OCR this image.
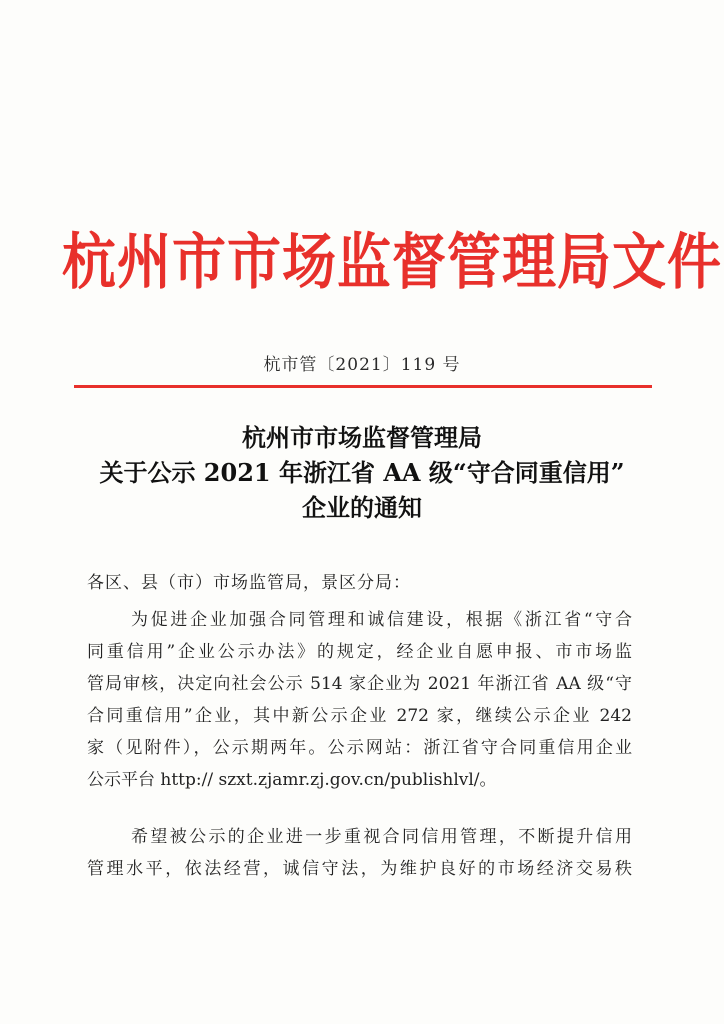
杭州市市场监督管理局文件
杭市管〔2021〕119 号
杭州市市场监督管理局
关于公示 2021 年浙江省 AA 级“守合同重信用”
企业的通知
各区、县（市）市场监管局，景区分局：
为促进企业加强合同管理和诚信建设，根据《浙江省“守合
同重信用”企业公示办法》的规定，经企业自愿申报、市市场监
管局审核，决定向社会公示 514 家企业为 2021 年浙江省 AA 级“守
合同重信用”企业，其中新公示企业 272 家，继续公示企业 242
家（见附件），公示期两年。公示网站：浙江省守合同重信用企业
公示平台 http:// szxt.zjamr.zj.gov.cn/publishlvl/。
希望被公示的企业进一步重视合同信用管理，不断提升信用
管理水平，依法经营，诚信守法，为维护良好的市场经济交易秩
